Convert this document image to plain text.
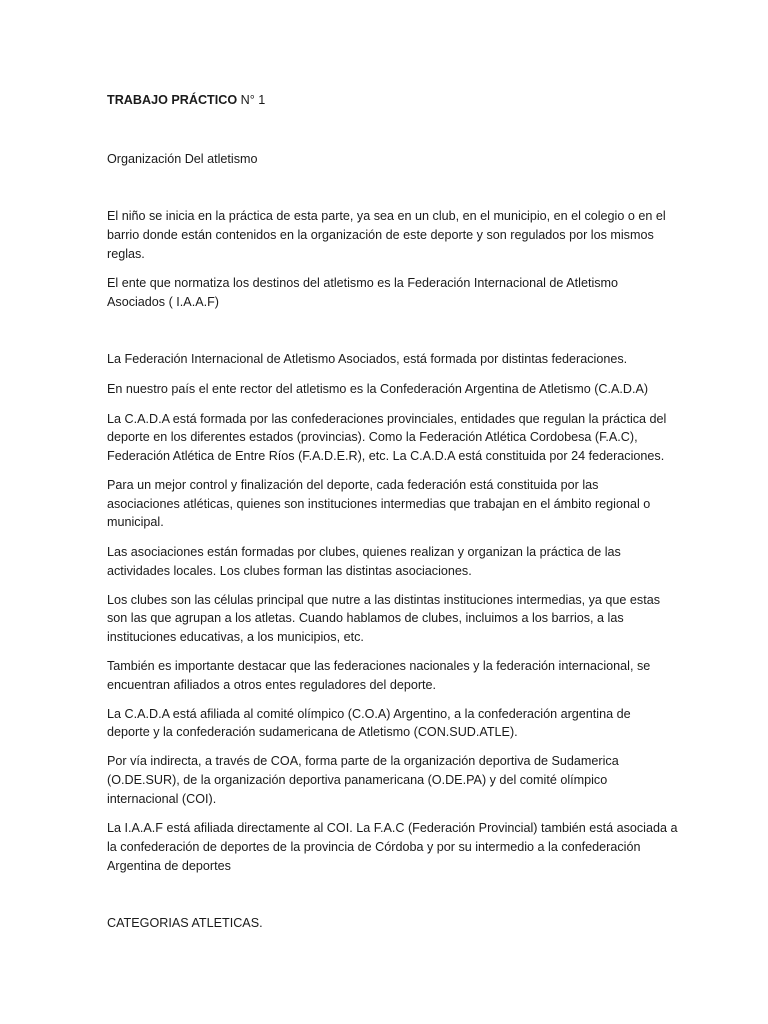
TRABAJO PRÁCTICO N° 1
Organización Del atletismo
El niño se inicia en la práctica de esta parte, ya sea en un club, en el municipio, en el colegio o en el
barrio donde están contenidos en la organización de este deporte y son regulados por los mismos
reglas.
El ente que normatiza los destinos del atletismo es la Federación Internacional de Atletismo
Asociados ( I.A.A.F)
La Federación Internacional de Atletismo Asociados, está formada por distintas federaciones.
En nuestro país el ente rector del atletismo es la Confederación Argentina de Atletismo (C.A.D.A)
La C.A.D.A está formada por las confederaciones provinciales, entidades que regulan la práctica del
deporte en los diferentes estados (provincias). Como la Federación Atlética Cordobesa (F.A.C),
Federación Atlética de Entre Ríos (F.A.D.E.R), etc. La C.A.D.A está constituida por 24 federaciones.
Para un mejor control y finalización del deporte, cada federación está constituida por las
asociaciones atléticas, quienes son instituciones intermedias que trabajan en el ámbito regional o
municipal.
Las asociaciones están formadas por clubes, quienes realizan y organizan la práctica de las
actividades locales. Los clubes forman las distintas asociaciones.
Los clubes son las células principal que nutre a las distintas instituciones intermedias, ya que estas
son las que agrupan a los atletas. Cuando hablamos de clubes, incluimos a los barrios, a las
instituciones educativas, a los municipios, etc.
También es importante destacar que las federaciones nacionales y la federación internacional, se
encuentran afiliados a otros entes reguladores del deporte.
La C.A.D.A está afiliada al comité olímpico (C.O.A) Argentino, a la confederación argentina de
deporte y la confederación sudamericana de Atletismo (CON.SUD.ATLE).
Por vía indirecta, a través de COA, forma parte de la organización deportiva de Sudamerica
(O.DE.SUR), de la organización deportiva panamericana (O.DE.PA) y del comité olímpico
internacional (COI).
La I.A.A.F está afiliada directamente al COI. La F.A.C (Federación Provincial) también está asociada a
la confederación de deportes de la provincia de Córdoba y por su intermedio a la confederación
Argentina de deportes
CATEGORIAS ATLETICAS.
